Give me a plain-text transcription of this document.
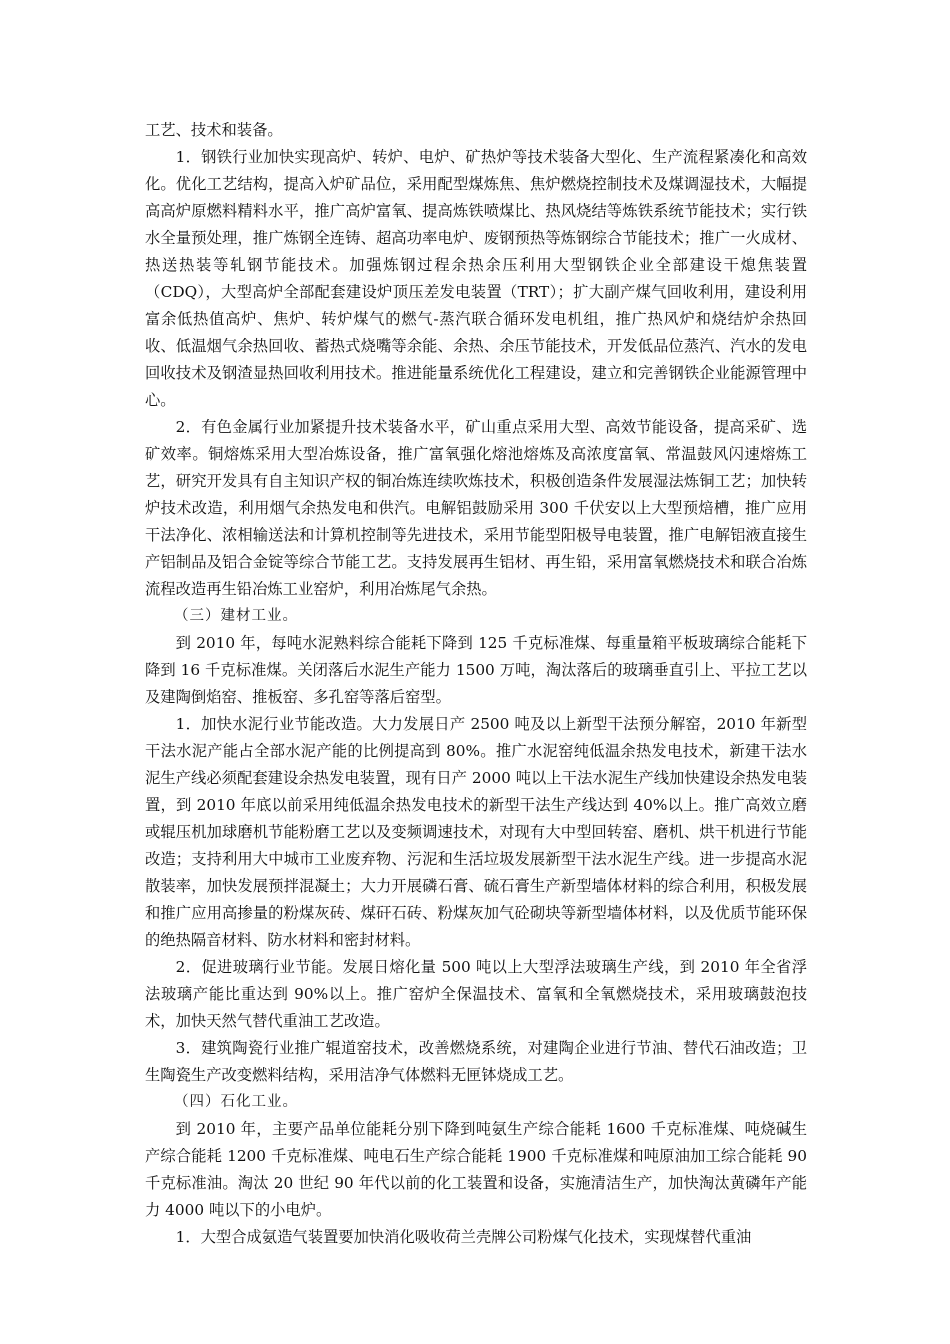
工艺、技术和装备。

1．钢铁行业加快实现高炉、转炉、电炉、矿热炉等技术装备大型化、生产流程紧凑化和高效化。优化工艺结构，提高入炉矿品位，采用配型煤炼焦、焦炉燃烧控制技术及煤调湿技术，大幅提高高炉原燃料精料水平，推广高炉富氧、提高炼铁喷煤比、热风烧结等炼铁系统节能技术；实行铁水全量预处理，推广炼钢全连铸、超高功率电炉、废钢预热等炼钢综合节能技术；推广一火成材、热送热装等轧钢节能技术。加强炼钢过程余热余压利用大型钢铁企业全部建设干熄焦装置（CDQ），大型高炉全部配套建设炉顶压差发电装置（TRT）；扩大副产煤气回收利用，建设利用富余低热值高炉、焦炉、转炉煤气的燃气-蒸汽联合循环发电机组，推广热风炉和烧结炉余热回收、低温烟气余热回收、蓄热式烧嘴等余能、余热、余压节能技术，开发低品位蒸汽、汽水的发电回收技术及钢渣显热回收利用技术。推进能量系统优化工程建设，建立和完善钢铁企业能源管理中心。

2．有色金属行业加紧提升技术装备水平，矿山重点采用大型、高效节能设备，提高采矿、选矿效率。铜熔炼采用大型冶炼设备，推广富氧强化熔池熔炼及高浓度富氧、常温鼓风闪速熔炼工艺，研究开发具有自主知识产权的铜冶炼连续吹炼技术，积极创造条件发展湿法炼铜工艺；加快转炉技术改造，利用烟气余热发电和供汽。电解铝鼓励采用 300 千伏安以上大型预焙槽，推广应用干法净化、浓相输送法和计算机控制等先进技术，采用节能型阳极导电装置，推广电解铝液直接生产铝制品及铝合金锭等综合节能工艺。支持发展再生铝材、再生铅，采用富氧燃烧技术和联合冶炼流程改造再生铅冶炼工业窑炉，利用冶炼尾气余热。

（三）建材工业。

到 2010 年，每吨水泥熟料综合能耗下降到 125 千克标准煤、每重量箱平板玻璃综合能耗下降到 16 千克标准煤。关闭落后水泥生产能力 1500 万吨，淘汰落后的玻璃垂直引上、平拉工艺以及建陶倒焰窑、推板窑、多孔窑等落后窑型。

1．加快水泥行业节能改造。大力发展日产 2500 吨及以上新型干法预分解窑，2010 年新型干法水泥产能占全部水泥产能的比例提高到 80%。推广水泥窑纯低温余热发电技术，新建干法水泥生产线必须配套建设余热发电装置，现有日产 2000 吨以上干法水泥生产线加快建设余热发电装置，到 2010 年底以前采用纯低温余热发电技术的新型干法生产线达到 40%以上。推广高效立磨或辊压机加球磨机节能粉磨工艺以及变频调速技术，对现有大中型回转窑、磨机、烘干机进行节能改造；支持利用大中城市工业废弃物、污泥和生活垃圾发展新型干法水泥生产线。进一步提高水泥散装率，加快发展预拌混凝土；大力开展磷石膏、硫石膏生产新型墙体材料的综合利用，积极发展和推广应用高掺量的粉煤灰砖、煤矸石砖、粉煤灰加气砼砌块等新型墙体材料，以及优质节能环保的绝热隔音材料、防水材料和密封材料。

2．促进玻璃行业节能。发展日熔化量 500 吨以上大型浮法玻璃生产线，到 2010 年全省浮法玻璃产能比重达到 90%以上。推广窑炉全保温技术、富氧和全氧燃烧技术，采用玻璃鼓泡技术，加快天然气替代重油工艺改造。

3．建筑陶瓷行业推广辊道窑技术，改善燃烧系统，对建陶企业进行节油、替代石油改造；卫生陶瓷生产改变燃料结构，采用洁净气体燃料无匣钵烧成工艺。

（四）石化工业。

到 2010 年，主要产品单位能耗分别下降到吨氨生产综合能耗 1600 千克标准煤、吨烧碱生产综合能耗 1200 千克标准煤、吨电石生产综合能耗 1900 千克标准煤和吨原油加工综合能耗 90 千克标准油。淘汰 20 世纪 90 年代以前的化工装置和设备，实施清洁生产，加快淘汰黄磷年产能力 4000 吨以下的小电炉。

1．大型合成氨造气装置要加快消化吸收荷兰壳牌公司粉煤气化技术，实现煤替代重油
